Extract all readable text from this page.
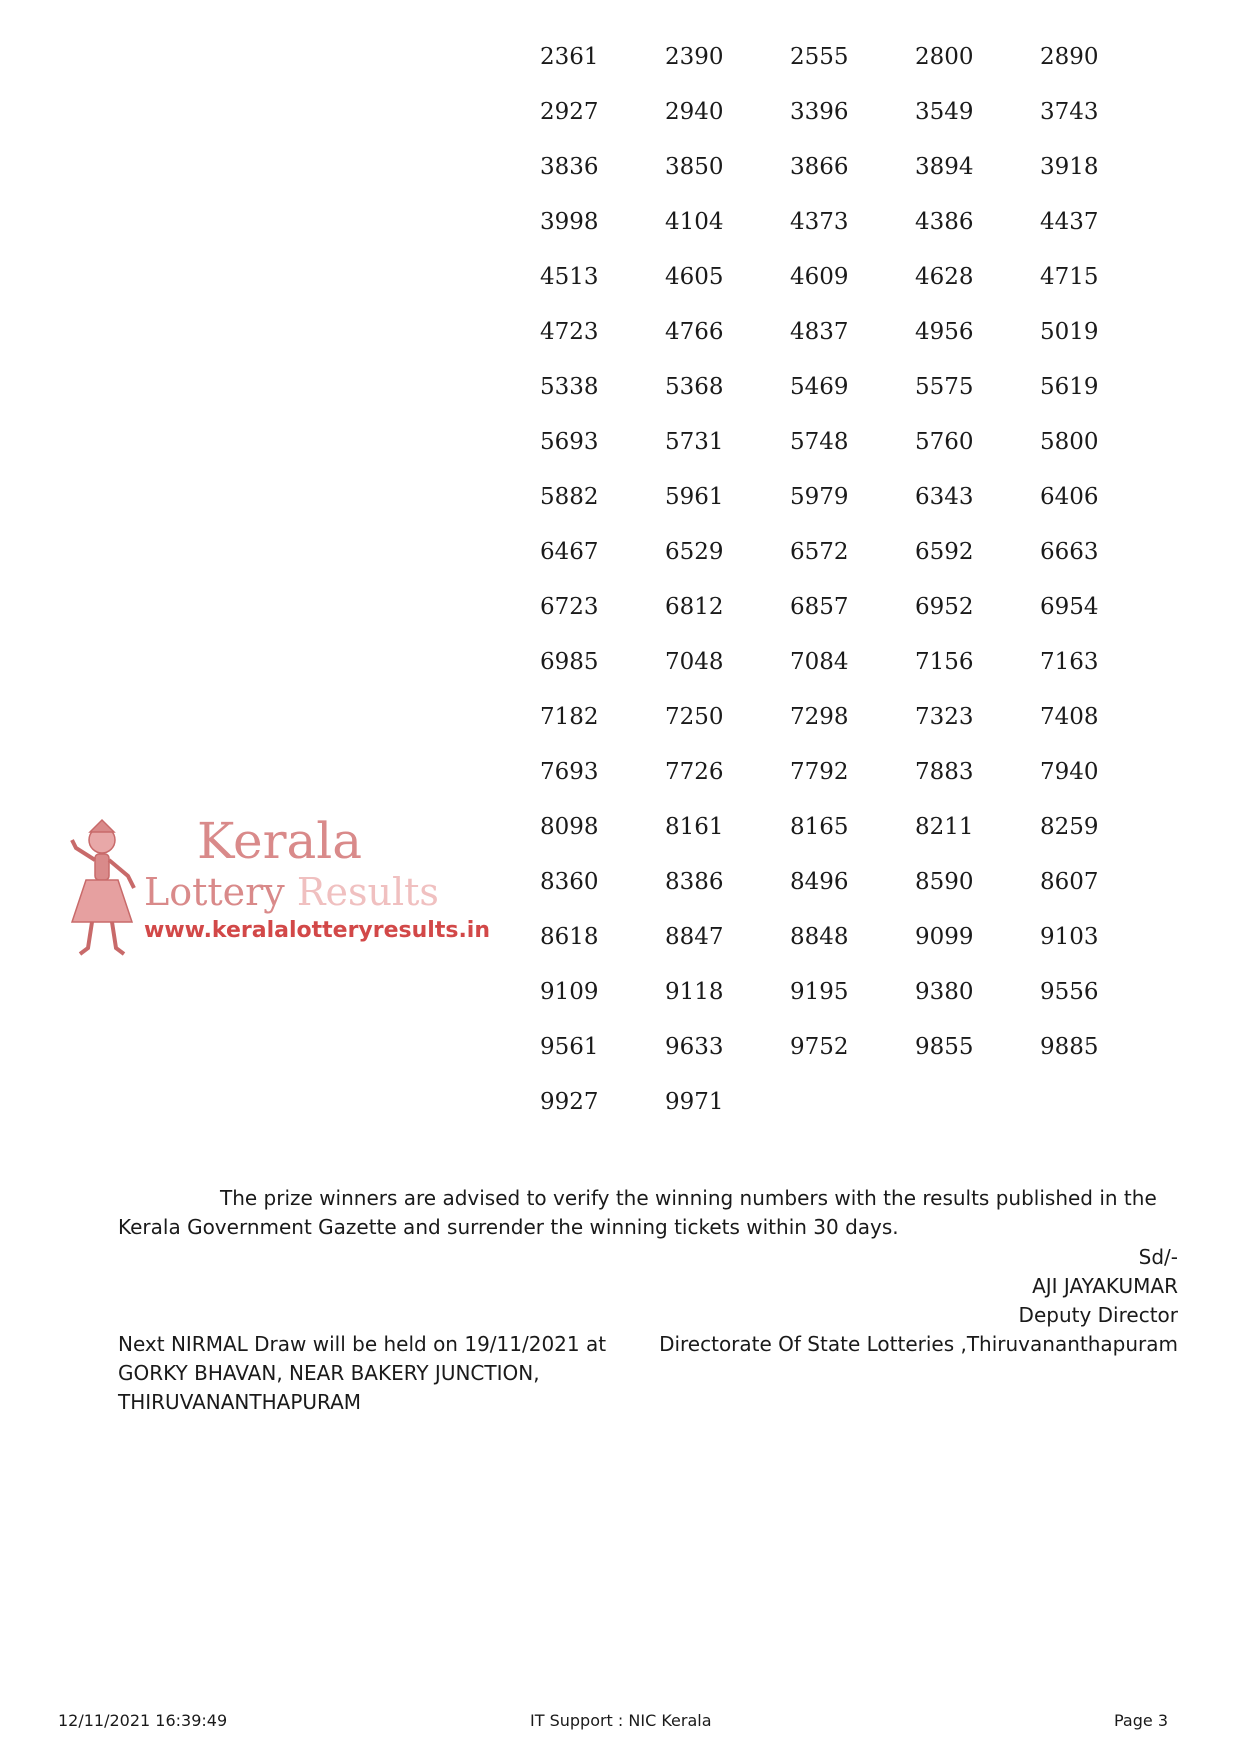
2361	2390	2555	2800	2890
2927	2940	3396	3549	3743
3836	3850	3866	3894	3918
3998	4104	4373	4386	4437
4513	4605	4609	4628	4715
4723	4766	4837	4956	5019
5338	5368	5469	5575	5619
5693	5731	5748	5760	5800
5882	5961	5979	6343	6406
6467	6529	6572	6592	6663
6723	6812	6857	6952	6954
6985	7048	7084	7156	7163
7182	7250	7298	7323	7408
7693	7726	7792	7883	7940
8098	8161	8165	8211	8259
8360	8386	8496	8590	8607
8618	8847	8848	9099	9103
9109	9118	9195	9380	9556
9561	9633	9752	9855	9885
9927	9971
Kerala
Lottery Results
www.keralalotteryresults.in
The prize winners are advised to verify the winning numbers with the results published in the Kerala Government Gazette and surrender the winning tickets within 30 days.
Sd/-
AJI JAYAKUMAR
Deputy Director
Directorate Of State Lotteries ,Thiruvananthapuram
Next NIRMAL Draw will be held on 19/11/2021 at GORKY BHAVAN, NEAR BAKERY JUNCTION, THIRUVANANTHAPURAM
12/11/2021 16:39:49	IT Support : NIC Kerala	Page 3
